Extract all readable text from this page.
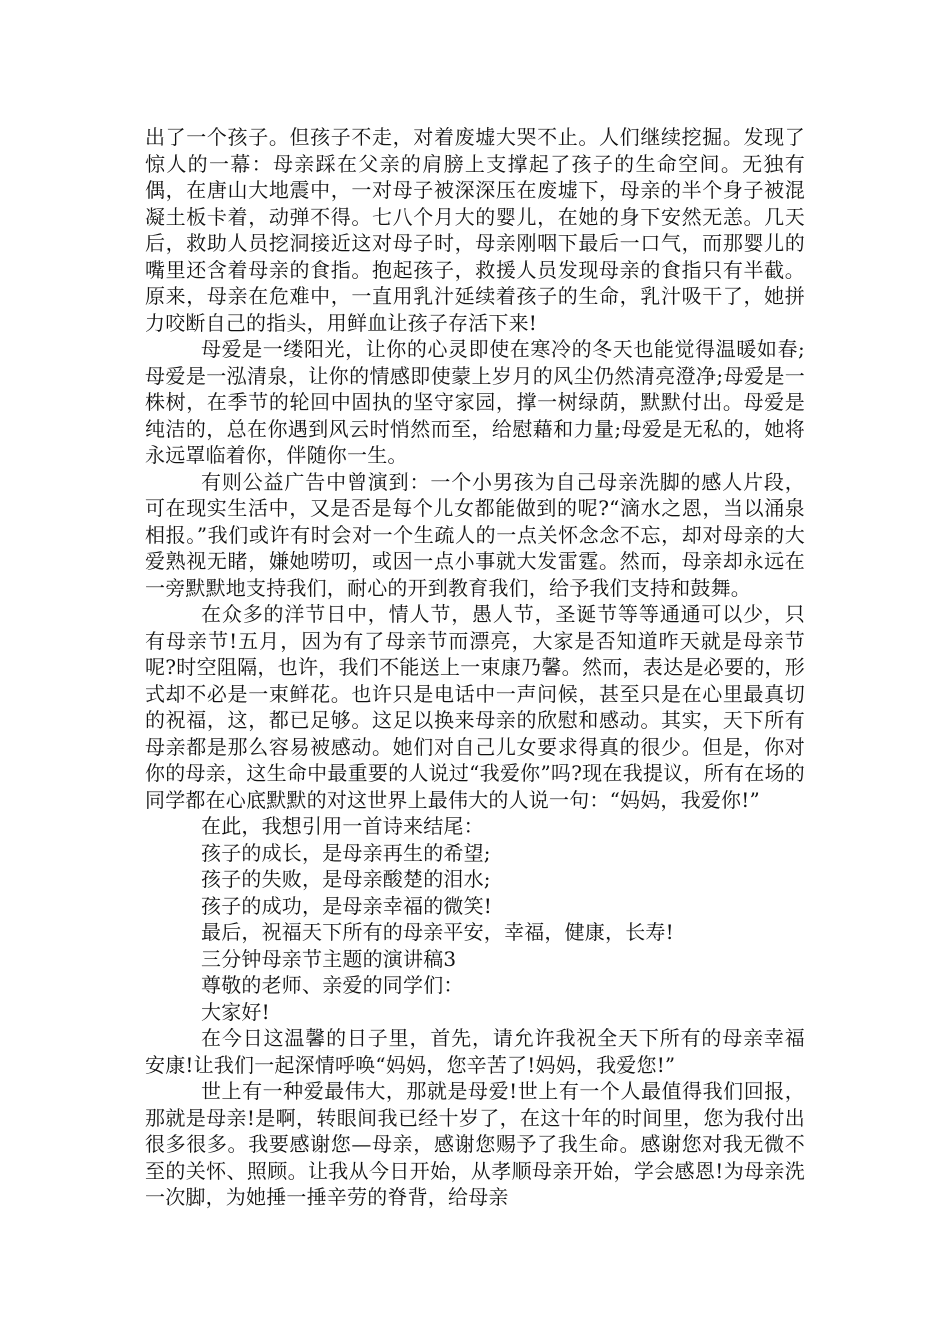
出了一个孩子。但孩子不走，对着废墟大哭不止。人们继续挖掘。发现了惊人的一幕：母亲踩在父亲的肩膀上支撑起了孩子的生命空间。无独有偶，在唐山大地震中，一对母子被深深压在废墟下，母亲的半个身子被混凝土板卡着，动弹不得。七八个月大的婴儿，在她的身下安然无恙。几天后，救助人员挖洞接近这对母子时，母亲刚咽下最后一口气，而那婴儿的嘴里还含着母亲的食指。抱起孩子，救援人员发现母亲的食指只有半截。原来，母亲在危难中，一直用乳汁延续着孩子的生命，乳汁吸干了，她拼力咬断自己的指头，用鲜血让孩子存活下来!

母爱是一缕阳光，让你的心灵即使在寒冷的冬天也能觉得温暖如春;母爱是一泓清泉，让你的情感即使蒙上岁月的风尘仍然清亮澄净;母爱是一株树，在季节的轮回中固执的坚守家园，撑一树绿荫，默默付出。母爱是纯洁的，总在你遇到风云时悄然而至，给慰藉和力量;母爱是无私的，她将永远罩临着你，伴随你一生。

有则公益广告中曾演到：一个小男孩为自己母亲洗脚的感人片段，可在现实生活中，又是否是每个儿女都能做到的呢?“滴水之恩，当以涌泉相报。”我们或许有时会对一个生疏人的一点关怀念念不忘，却对母亲的大爱熟视无睹，嫌她唠叨，或因一点小事就大发雷霆。然而，母亲却永远在一旁默默地支持我们，耐心的开到教育我们，给予我们支持和鼓舞。

在众多的洋节日中，情人节，愚人节，圣诞节等等通通可以少，只有母亲节!五月，因为有了母亲节而漂亮，大家是否知道昨天就是母亲节呢?时空阻隔，也许，我们不能送上一束康乃馨。然而，表达是必要的，形式却不必是一束鲜花。也许只是电话中一声问候，甚至只是在心里最真切的祝福，这，都已足够。这足以换来母亲的欣慰和感动。其实，天下所有母亲都是那么容易被感动。她们对自己儿女要求得真的很少。但是，你对你的母亲，这生命中最重要的人说过“我爱你”吗?现在我提议，所有在场的同学都在心底默默的对这世界上最伟大的人说一句：“妈妈，我爱你!”

在此，我想引用一首诗来结尾：

孩子的成长，是母亲再生的希望;

孩子的失败，是母亲酸楚的泪水;

孩子的成功，是母亲幸福的微笑!

最后，祝福天下所有的母亲平安，幸福，健康，长寿!

三分钟母亲节主题的演讲稿3

尊敬的老师、亲爱的同学们：

大家好!

在今日这温馨的日子里，首先，请允许我祝全天下所有的母亲幸福安康!让我们一起深情呼唤“妈妈，您辛苦了!妈妈，我爱您!”

世上有一种爱最伟大，那就是母爱!世上有一个人最值得我们回报，那就是母亲!是啊，转眼间我已经十岁了，在这十年的时间里，您为我付出很多很多。我要感谢您—母亲，感谢您赐予了我生命。感谢您对我无微不至的关怀、照顾。让我从今日开始，从孝顺母亲开始，学会感恩!为母亲洗一次脚，为她捶一捶辛劳的脊背，给母亲
